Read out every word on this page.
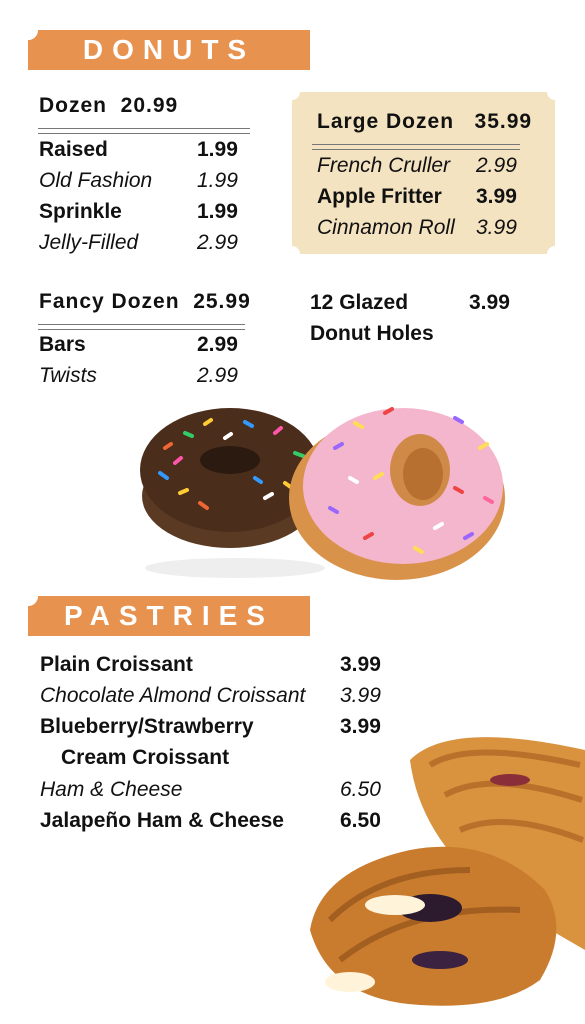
DONUTS
Dozen 20.99
Raised	1.99
Old Fashion 1.99
Sprinkle	1.99
Jelly-Filled	2.99
Large Dozen 35.99
French Cruller 2.99
Apple Fritter 3.99
Cinnamon Roll 3.99
Fancy Dozen 25.99
Bars	2.99
Twists	2.99
12 Glazed	3.99
Donut Holes
PASTRIES
Plain Croissant	3.99
Chocolate Almond Croissant 3.99
Blueberry/Strawberry	3.99
Cream Croissant
Ham & Cheese	6.50
Jalapeño Ham & Cheese	6.50
